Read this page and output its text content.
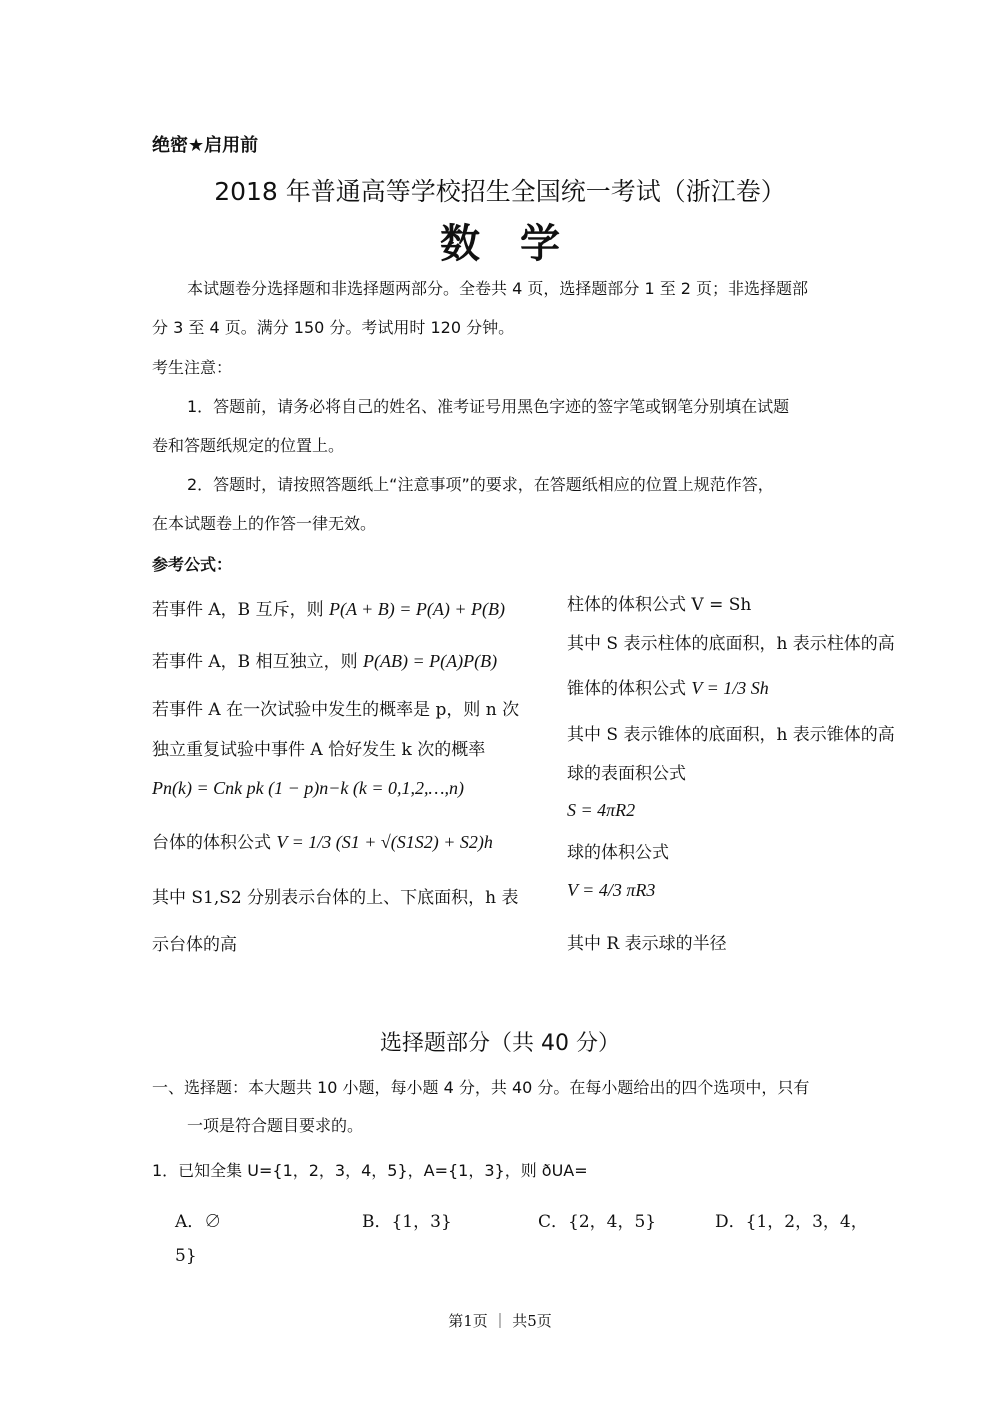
绝密★启用前
2018 年普通高等学校招生全国统一考试（浙江卷）
数　学
本试题卷分选择题和非选择题两部分。全卷共 4 页，选择题部分 1 至 2 页；非选择题部
分 3 至 4 页。满分 150 分。考试用时 120 分钟。
考生注意：
1．答题前，请务必将自己的姓名、准考证号用黑色字迹的签字笔或钢笔分别填在试题
卷和答题纸规定的位置上。
2．答题时，请按照答题纸上“注意事项”的要求，在答题纸相应的位置上规范作答，
在本试题卷上的作答一律无效。
参考公式：
若事件 A，B 互斥，则 P(A + B) = P(A) + P(B)
若事件 A，B 相互独立，则 P(AB) = P(A)P(B)
若事件 A 在一次试验中发生的概率是 p，则 n 次
独立重复试验中事件 A 恰好发生 k 次的概率
Pn(k) = Cnk pk (1 − p)n−k (k = 0,1,2,…,n)
台体的体积公式 V = 1/3 (S1 + √(S1S2) + S2)h
其中 S1,S2 分别表示台体的上、下底面积，h 表
示台体的高
柱体的体积公式 V = Sh
其中 S 表示柱体的底面积，h 表示柱体的高
锥体的体积公式 V = 1/3 Sh
其中 S 表示锥体的底面积，h 表示锥体的高
球的表面积公式
S = 4πR2
球的体积公式
V = 4/3 πR3
其中 R 表示球的半径
选择题部分（共 40 分）
一、选择题：本大题共 10 小题，每小题 4 分，共 40 分。在每小题给出的四个选项中，只有
一项是符合题目要求的。
1．已知全集 U={1，2，3，4，5}，A={1，3}，则 ðUA=
A．∅	B．{1，3}	C．{2，4，5}	D．{1，2，3，4，
5}
第1页 ｜ 共5页
